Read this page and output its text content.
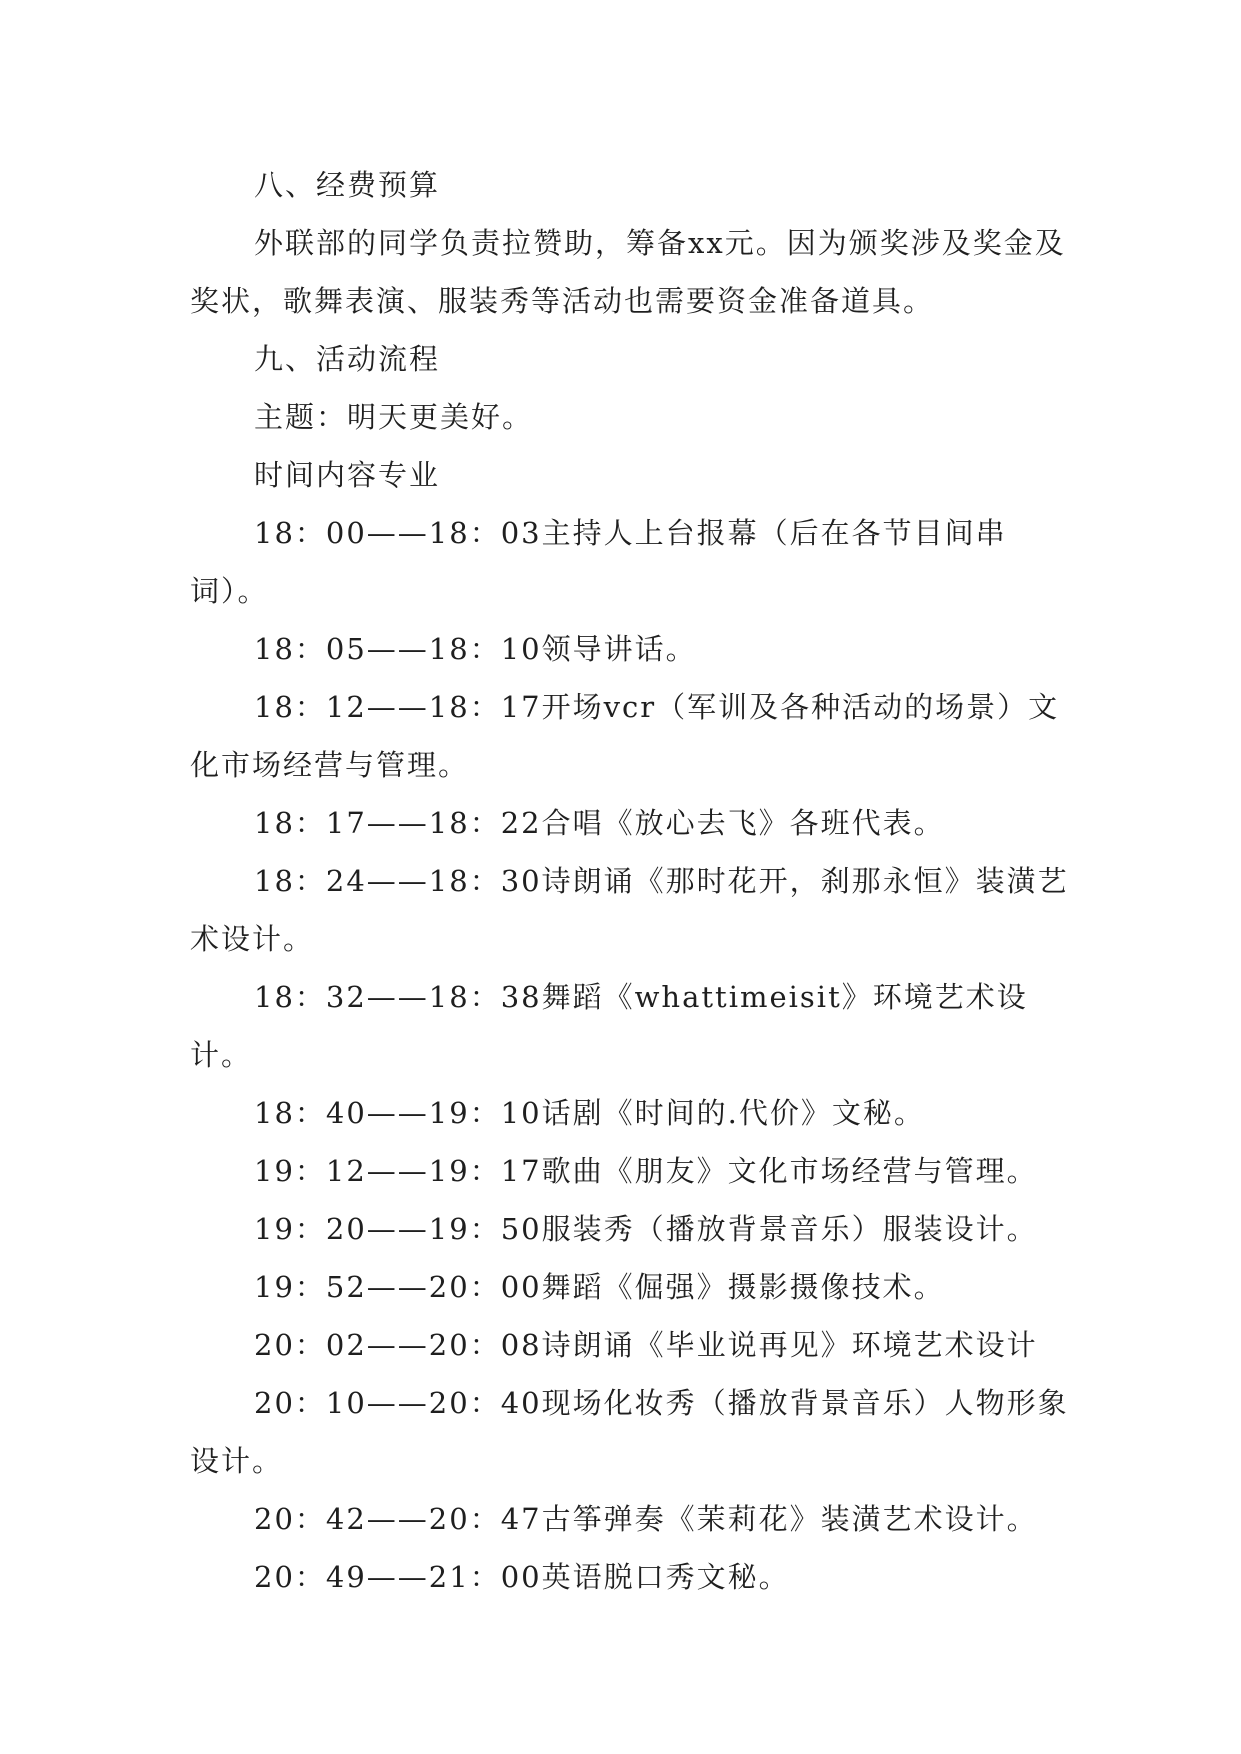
八、经费预算

外联部的同学负责拉赞助，筹备xx元。因为颁奖涉及奖金及奖状，歌舞表演、服装秀等活动也需要资金准备道具。

九、活动流程

主题：明天更美好。

时间内容专业

18：00——18：03主持人上台报幕（后在各节目间串词）。

18：05——18：10领导讲话。

18：12——18：17开场vcr（军训及各种活动的场景）文化市场经营与管理。

18：17——18：22合唱《放心去飞》各班代表。

18：24——18：30诗朗诵《那时花开，刹那永恒》装潢艺术设计。

18：32——18：38舞蹈《whattimeisit》环境艺术设计。

18：40——19：10话剧《时间的.代价》文秘。

19：12——19：17歌曲《朋友》文化市场经营与管理。

19：20——19：50服装秀（播放背景音乐）服装设计。

19：52——20：00舞蹈《倔强》摄影摄像技术。

20：02——20：08诗朗诵《毕业说再见》环境艺术设计

20：10——20：40现场化妆秀（播放背景音乐）人物形象设计。

20：42——20：47古筝弹奏《茉莉花》装潢艺术设计。

20：49——21：00英语脱口秀文秘。
